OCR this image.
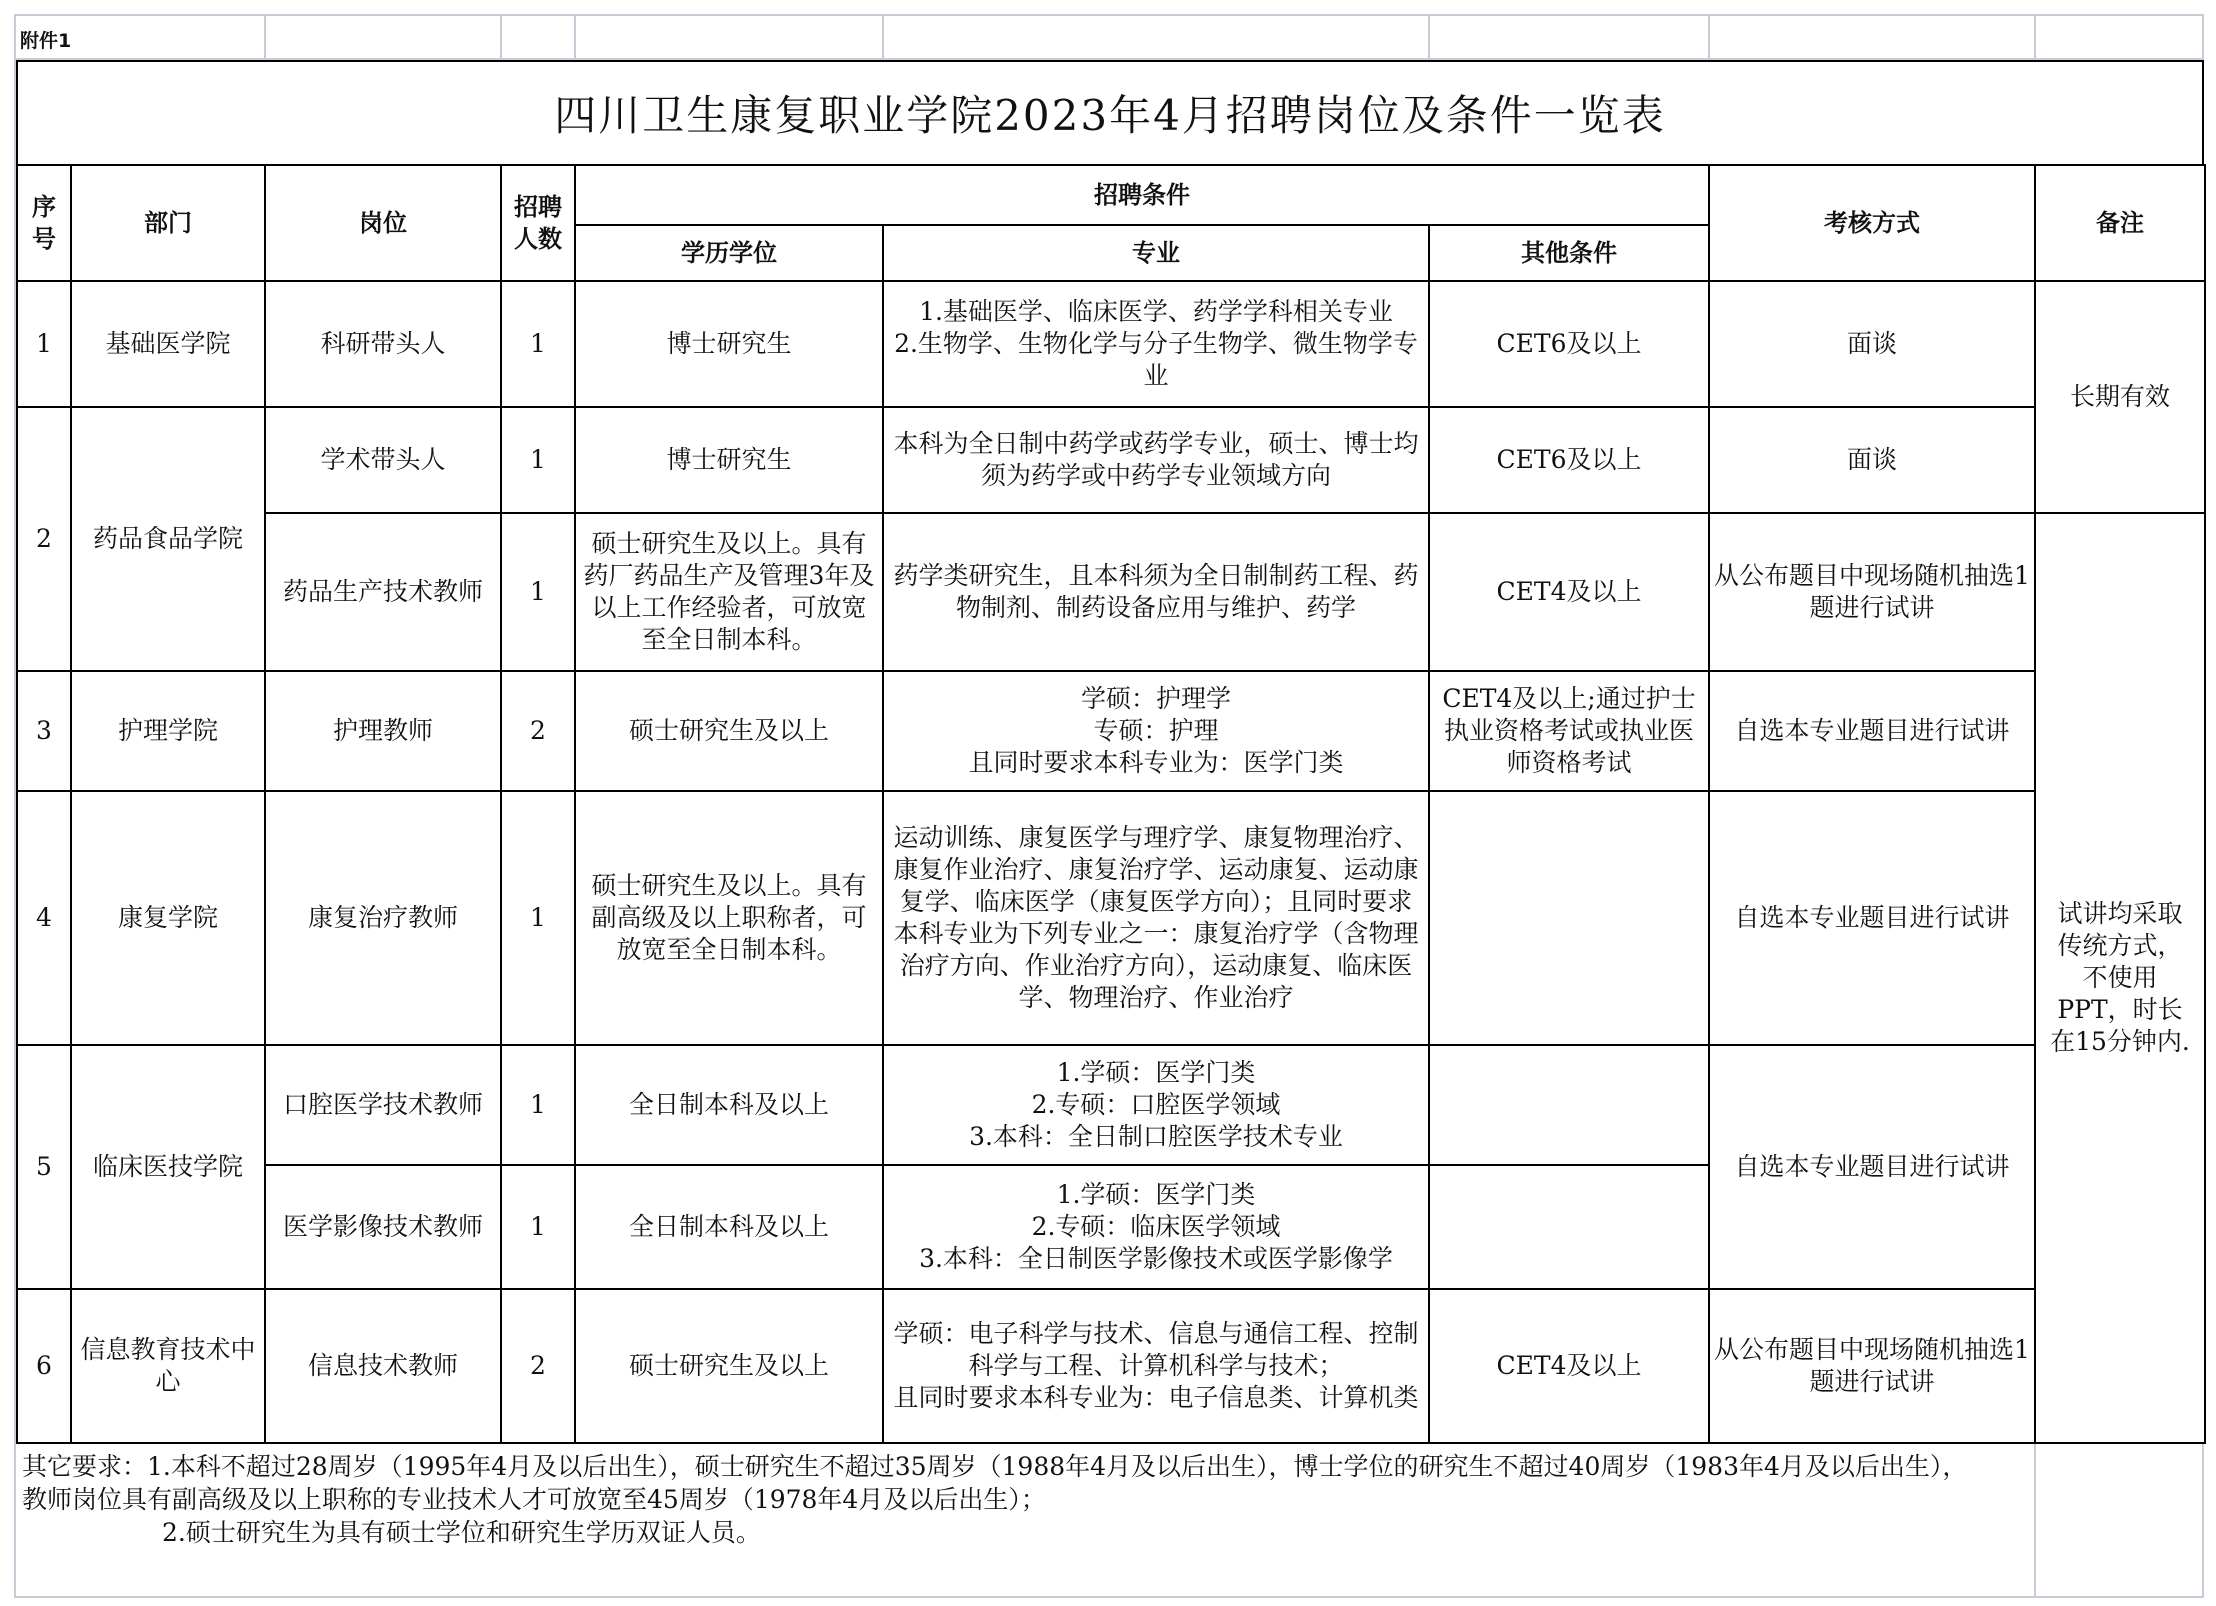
附件1
四川卫生康复职业学院2023年4月招聘岗位及条件一览表
序号	部门	岗位	招聘人数	招聘条件			考核方式	备注
				学历学位	专业	其他条件		
1	基础医学院	科研带头人	1	博士研究生	1.基础医学、临床医学、药学学科相关专业
2.生物学、生物化学与分子生物学、微生物学专业	CET6及以上	面谈	长期有效
2	药品食品学院	学术带头人	1	博士研究生	本科为全日制中药学或药学专业，硕士、博士均须为药学或中药学专业领域方向	CET6及以上	面谈	
		药品生产技术教师	1	硕士研究生及以上。具有药厂药品生产及管理3年及以上工作经验者，可放宽至全日制本科。	药学类研究生，且本科须为全日制制药工程、药物制剂、制药设备应用与维护、药学	CET4及以上	从公布题目中现场随机抽选1题进行试讲	试讲均采取传统方式，不使用PPT，时长在15分钟内.
3	护理学院	护理教师	2	硕士研究生及以上	学硕：护理学
专硕：护理
且同时要求本科专业为：医学门类	CET4及以上;通过护士执业资格考试或执业医师资格考试	自选本专业题目进行试讲	
4	康复学院	康复治疗教师	1	硕士研究生及以上。具有副高级及以上职称者，可放宽至全日制本科。	运动训练、康复医学与理疗学、康复物理治疗、康复作业治疗、康复治疗学、运动康复、运动康复学、临床医学（康复医学方向）；且同时要求本科专业为下列专业之一：康复治疗学（含物理治疗方向、作业治疗方向），运动康复、临床医学、物理治疗、作业治疗		自选本专业题目进行试讲	
5	临床医技学院	口腔医学技术教师	1	全日制本科及以上	1.学硕：医学门类
2.专硕：口腔医学领域
3.本科：全日制口腔医学技术专业		自选本专业题目进行试讲	
		医学影像技术教师	1	全日制本科及以上	1.学硕：医学门类
2.专硕：临床医学领域
3.本科：全日制医学影像技术或医学影像学			

6	信息教育技术中心	信息技术教师	2	硕士研究生及以上	学硕：电子科学与技术、信息与通信工程、控制科学与工程、计算机科学与技术；
且同时要求本科专业为：电子信息类、计算机类	CET4及以上	从公布题目中现场随机抽选1题进行试讲	
其它要求：1.本科不超过28周岁（1995年4月及以后出生），硕士研究生不超过35周岁（1988年4月及以后出生），博士学位的研究生不超过40周岁（1983年4月及以后出生），教师岗位具有副高级及以上职称的专业技术人才可放宽至45周岁（1978年4月及以后出生）；
2.硕士研究生为具有硕士学位和研究生学历双证人员。
